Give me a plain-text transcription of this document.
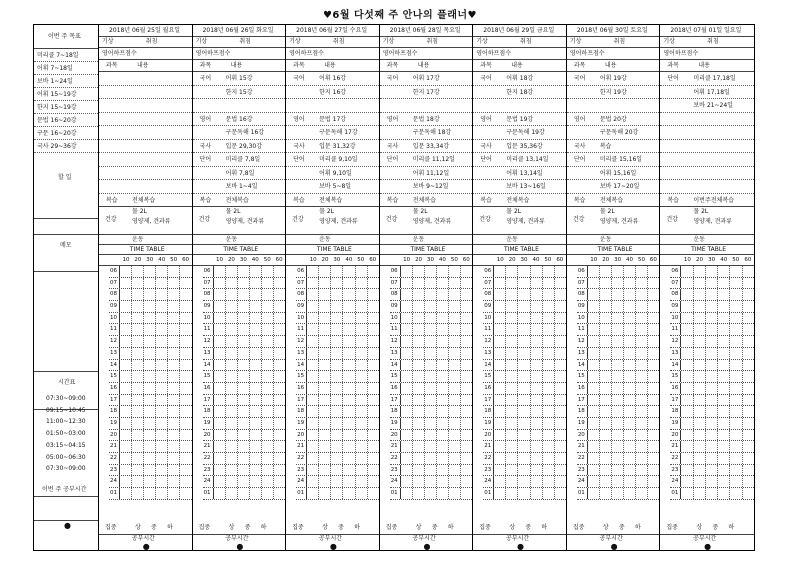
♥6월 다섯째 주 안나의 플래너♥
이번 주 목표
미리클 7~18일
어휘 7~18일
보바 1~24일
어휘 15~19강
한지 15~19강
문법 16~20강
구문 16~20강
국사 29~36강
할 일
메모
시간표
07:30~09:00
09:15~10:45
11:00~12:30
01:50~03:00
03:15~04:15
05:00~06:30
07:30~09:00
이번 주 공부시간
●
2018년 06월 25일 월요일
기상	취침
영어하프점수
과목	내용
복습 전체복습
건강
물 2L
영양제, 견과류
운동
TIME TABLE
10 20 30 40 50 60
06
07
08
09
10
11
12
13
14
15
16
17
18
19
20
21
22
23
24
01
집중	상 중 하
공부시간
●
2018년 06월 26일 화요일
기상	취침
영어하프점수
과목	내용
국어 어휘 15강
한지 15강
영어 문법 16강
구문독해 16강
국사 입문 29,30강
단어 미리클 7,8일
어휘 7,8일
보바 1~4일
복습 전체복습
건강
물 2L
영양제, 견과류
운동
TIME TABLE
10 20 30 40 50 60
06
07
08
09
10
11
12
13
14
15
16
17
18
19
20
21
22
23
24
01
집중	상 중 하
공부시간
●
2018년 06월 27일 수요일
기상	취침
영어하프점수
과목	내용
국어 어휘 16강
한지 16강
영어 문법 17강
구문독해 17강
국사 입문 31,32강
단어 미리클 9,10일
어휘 9,10일
보바 5~8일
복습 전체복습
건강
물 2L
영양제, 견과류
운동
TIME TABLE
10 20 30 40 50 60
06
07
08
09
10
11
12
13
14
15
16
17
18
19
20
21
22
23
24
01
집중	상 중 하
공부시간
●
2018년 06월 28일 목요일
기상	취침
영어하프점수
과목	내용
국어 어휘 17강
한지 17강
영어 문법 18강
구문독해 18강
국사 입문 33,34강
단어 미리클 11,12일
어휘 11,12일
보바 9~12일
복습 전체복습
건강
물 2L
영양제, 견과류
운동
TIME TABLE
10 20 30 40 50 60
06
07
08
09
10
11
12
13
14
15
16
17
18
19
20
21
22
23
24
01
집중	상 중 하
공부시간
●
2018년 06월 29일 금요일
기상	취침
영어하프점수
과목	내용
국어 어휘 18강
한지 18강
영어 문법 19강
구문독해 19강
국사 입문 35,36강
단어 미리클 13,14일
어휘 13,14일
보바 13~16일
복습 전체복습
건강
물 2L
영양제, 견과류
운동
TIME TABLE
10 20 30 40 50 60
06
07
08
09
10
11
12
13
14
15
16
17
18
19
20
21
22
23
24
01
집중	상 중 하
공부시간
●
2018년 06월 30일 토요일
기상	취침
영어하프점수
과목	내용
국어 어휘 19강
한지 19강
영어 문법 20강
구문독해 20강
국사 복습
단어 미리클 15,16일
어휘 15,16일
보바 17~20일
복습 전체복습
건강
물 2L
영양제, 견과류
운동
TIME TABLE
10 20 30 40 50 60
06
07
08
09
10
11
12
13
14
15
16
17
18
19
20
21
22
23
24
01
집중	상 중 하
공부시간
●
2018년 07월 01일 일요일
기상	취침
영어하프점수
과목	내용
단어 미리클 17,18일
어휘 17,18일
보바 21~24일
복습 이번주전체복습
건강
물 2L
영양제, 견과류
운동
TIME TABLE
10 20 30 40 50 60
06
07
08
09
10
11
12
13
14
15
16
17
18
19
20
21
22
23
24
01
집중	상 중 하
공부시간
●
